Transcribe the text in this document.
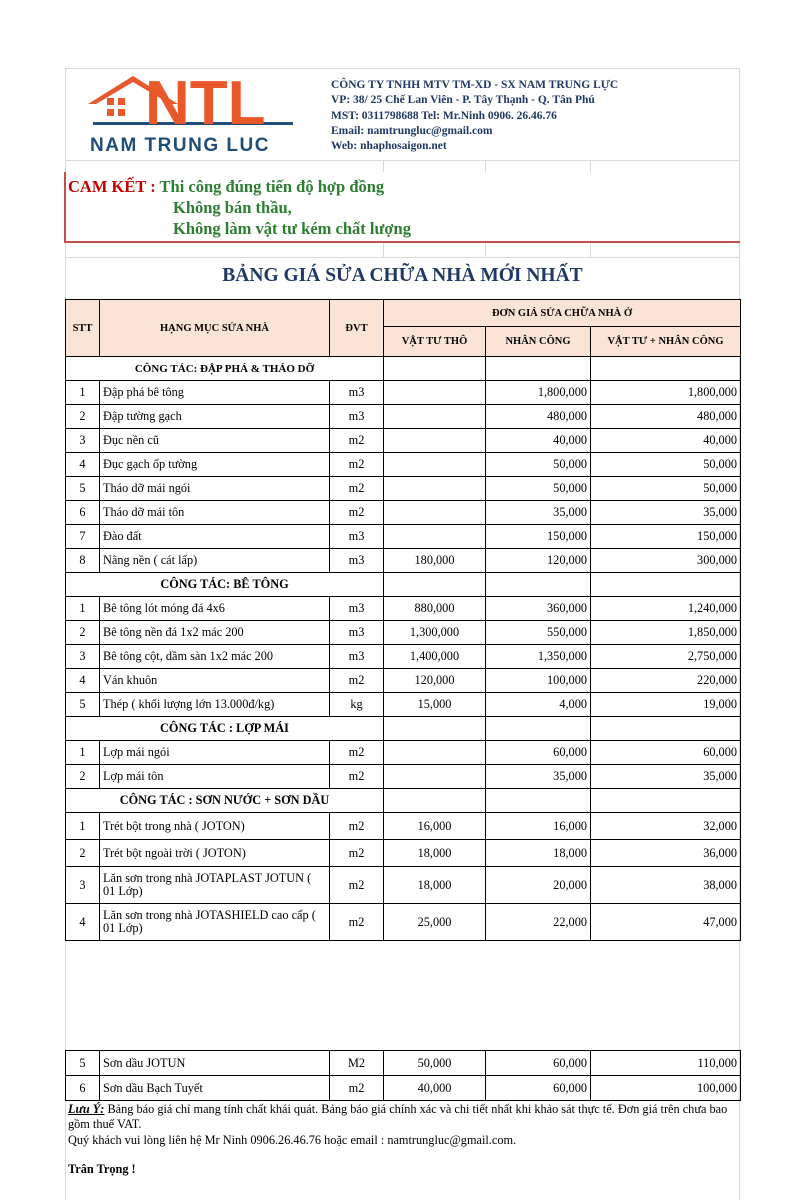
NTL
NAM TRUNG LUC
CÔNG TY TNHH MTV TM-XD - SX NAM TRUNG LỰC
VP: 38/ 25 Chế Lan Viên - P. Tây Thạnh - Q. Tân Phú
MST: 0311798688 Tel: Mr.Ninh 0906. 26.46.76
Email: namtrungluc@gmail.com
Web: nhaphosaigon.net
CAM KẾT : Thi công đúng tiến độ hợp đồng
Không bán thầu,
Không làm vật tư kém chất lượng
BẢNG GIÁ SỬA CHỮA NHÀ MỚI NHẤT
STT	HẠNG MỤC SỬA NHÀ	ĐVT	ĐƠN GIÁ SỬA CHỮA NHÀ Ở		
			VẬT TƯ THÔ	NHÂN CÔNG	VẬT TƯ + NHÂN CÔNG
CÔNG TÁC: ĐẬP PHÁ & THÁO DỠ					
1	Đập phá bê tông	m3		1,800,000	1,800,000
2	Đập tường gạch	m3		480,000	480,000
3	Đục nền cũ	m2		40,000	40,000
4	Đục gạch ốp tường	m2		50,000	50,000
5	Tháo dỡ mái ngói	m2		50,000	50,000
6	Tháo dỡ mái tôn	m2		35,000	35,000
7	Đào đất	m3		150,000	150,000
8	Nâng nền ( cát lấp)	m3	180,000	120,000	300,000
CÔNG TÁC: BÊ TÔNG					
1	Bê tông lót móng đá 4x6	m3	880,000	360,000	1,240,000
2	Bê tông nền đá 1x2 mác 200	m3	1,300,000	550,000	1,850,000
3	Bê tông cột, dầm sàn 1x2 mác 200	m3	1,400,000	1,350,000	2,750,000
4	Ván khuôn	m2	120,000	100,000	220,000
5	Thép ( khối lượng lớn 13.000đ/kg)	kg	15,000	4,000	19,000
CÔNG TÁC : LỢP MÁI					
1	Lợp mái ngói	m2		60,000	60,000
2	Lợp mái tôn	m2		35,000	35,000
CÔNG TÁC : SƠN NƯỚC + SƠN DẦU					
1	Trét bột trong nhà ( JOTON)	m2	16,000	16,000	32,000
2	Trét bột ngoài trời ( JOTON)	m2	18,000	18,000	36,000
3	Lăn sơn trong nhà JOTAPLAST JOTUN ( 01 Lớp)	m2	18,000	20,000	38,000
4	Lăn sơn trong nhà JOTASHIELD cao cấp ( 01 Lớp)	m2	25,000	22,000	47,000
5	Sơn dầu JOTUN	M2	50,000	60,000	110,000
6	Sơn dầu Bạch Tuyết	m2	40,000	60,000	100,000
Lưu Ý: Bảng báo giá chỉ mang tính chất khái quát. Bảng báo giá chính xác và chi tiết nhất khi khảo sát thực tế. Đơn giá trên chưa bao gồm thuế VAT.
Quý khách vui lòng liên hệ Mr Ninh 0906.26.46.76 hoặc email : namtrungluc@gmail.com.
Trân Trọng !
